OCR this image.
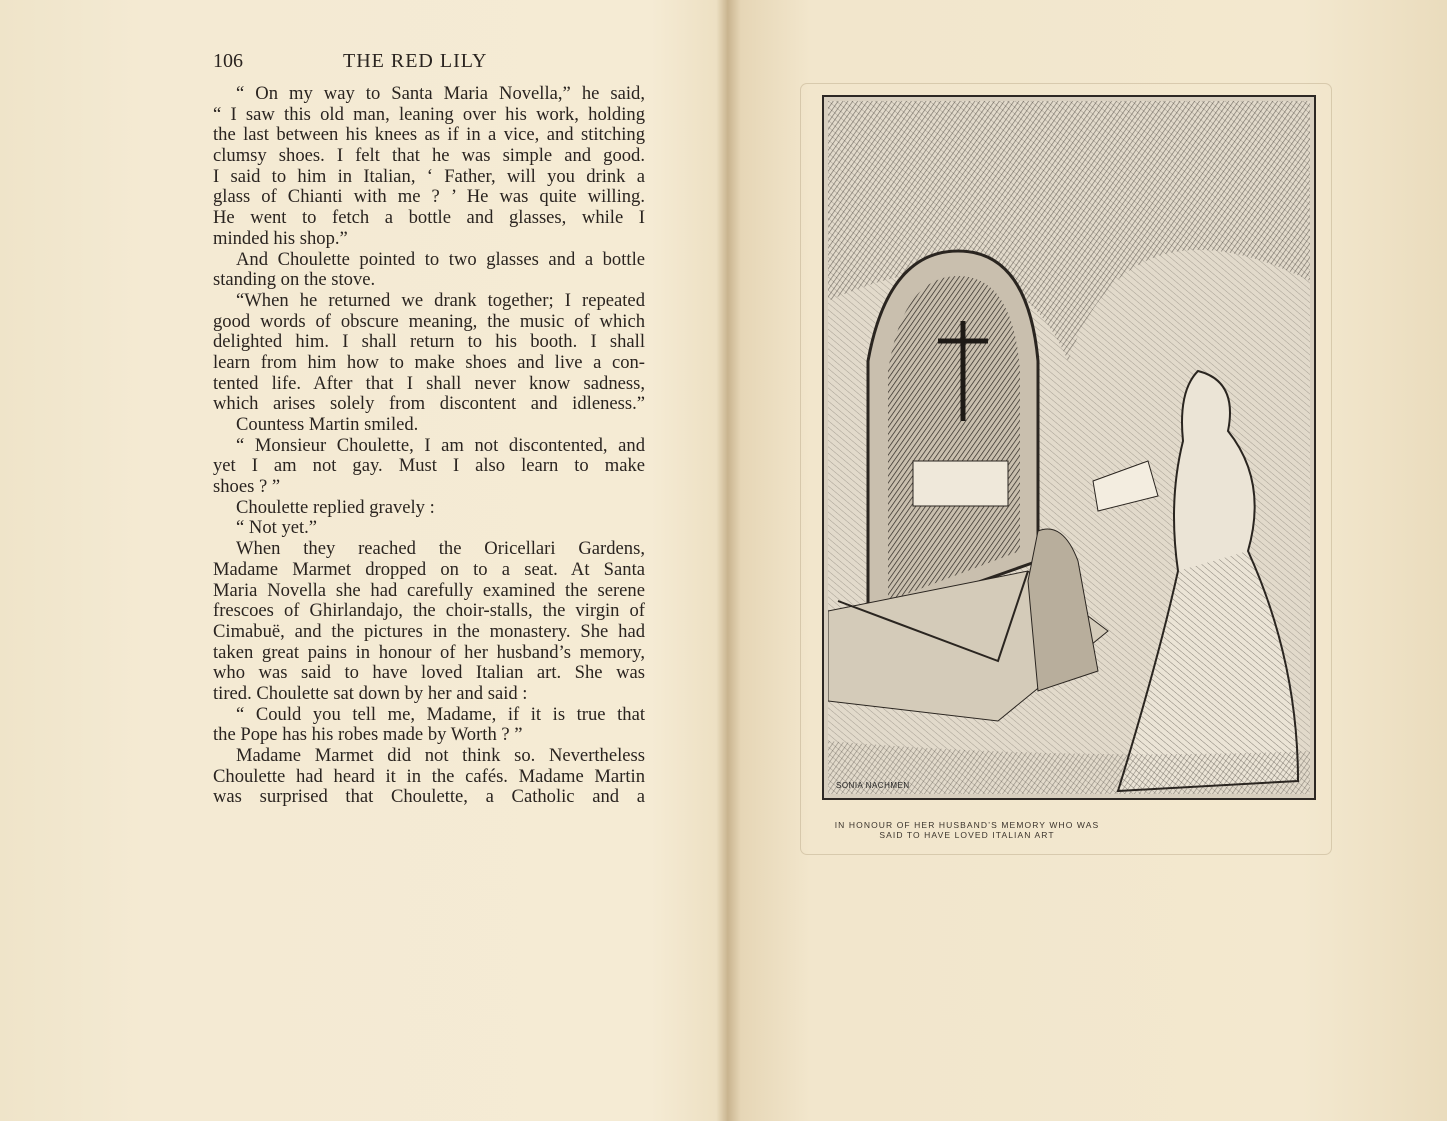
106	THE RED LILY
“ On my way to Santa Maria Novella,” he said,
“ I saw this old man, leaning over his work, holding
the last between his knees as if in a vice, and stitching
clumsy shoes. I felt that he was simple and good.
I said to him in Italian, ‘ Father, will you drink a
glass of Chianti with me ? ’ He was quite willing.
He went to fetch a bottle and glasses, while I
minded his shop.”
And Choulette pointed to two glasses and a bottle
standing on the stove.
“When he returned we drank together; I repeated
good words of obscure meaning, the music of which
delighted him. I shall return to his booth. I shall
learn from him how to make shoes and live a con-
tented life. After that I shall never know sadness,
which arises solely from discontent and idleness.”
Countess Martin smiled.
“ Monsieur Choulette, I am not discontented, and
yet I am not gay. Must I also learn to make
shoes ? ”
Choulette replied gravely :
“ Not yet.”
When they reached the Oricellari Gardens,
Madame Marmet dropped on to a seat. At Santa
Maria Novella she had carefully examined the serene
frescoes of Ghirlandajo, the choir-stalls, the virgin of
Cimabuë, and the pictures in the monastery. She had
taken great pains in honour of her husband’s memory,
who was said to have loved Italian art. She was
tired. Choulette sat down by her and said :
“ Could you tell me, Madame, if it is true that
the Pope has his robes made by Worth ? ”
Madame Marmet did not think so. Nevertheless
Choulette had heard it in the cafés. Madame Martin
was surprised that Choulette, a Catholic and a
SONIA NACHMEN
IN HONOUR OF HER HUSBAND’S MEMORY WHO WAS
SAID TO HAVE LOVED ITALIAN ART
